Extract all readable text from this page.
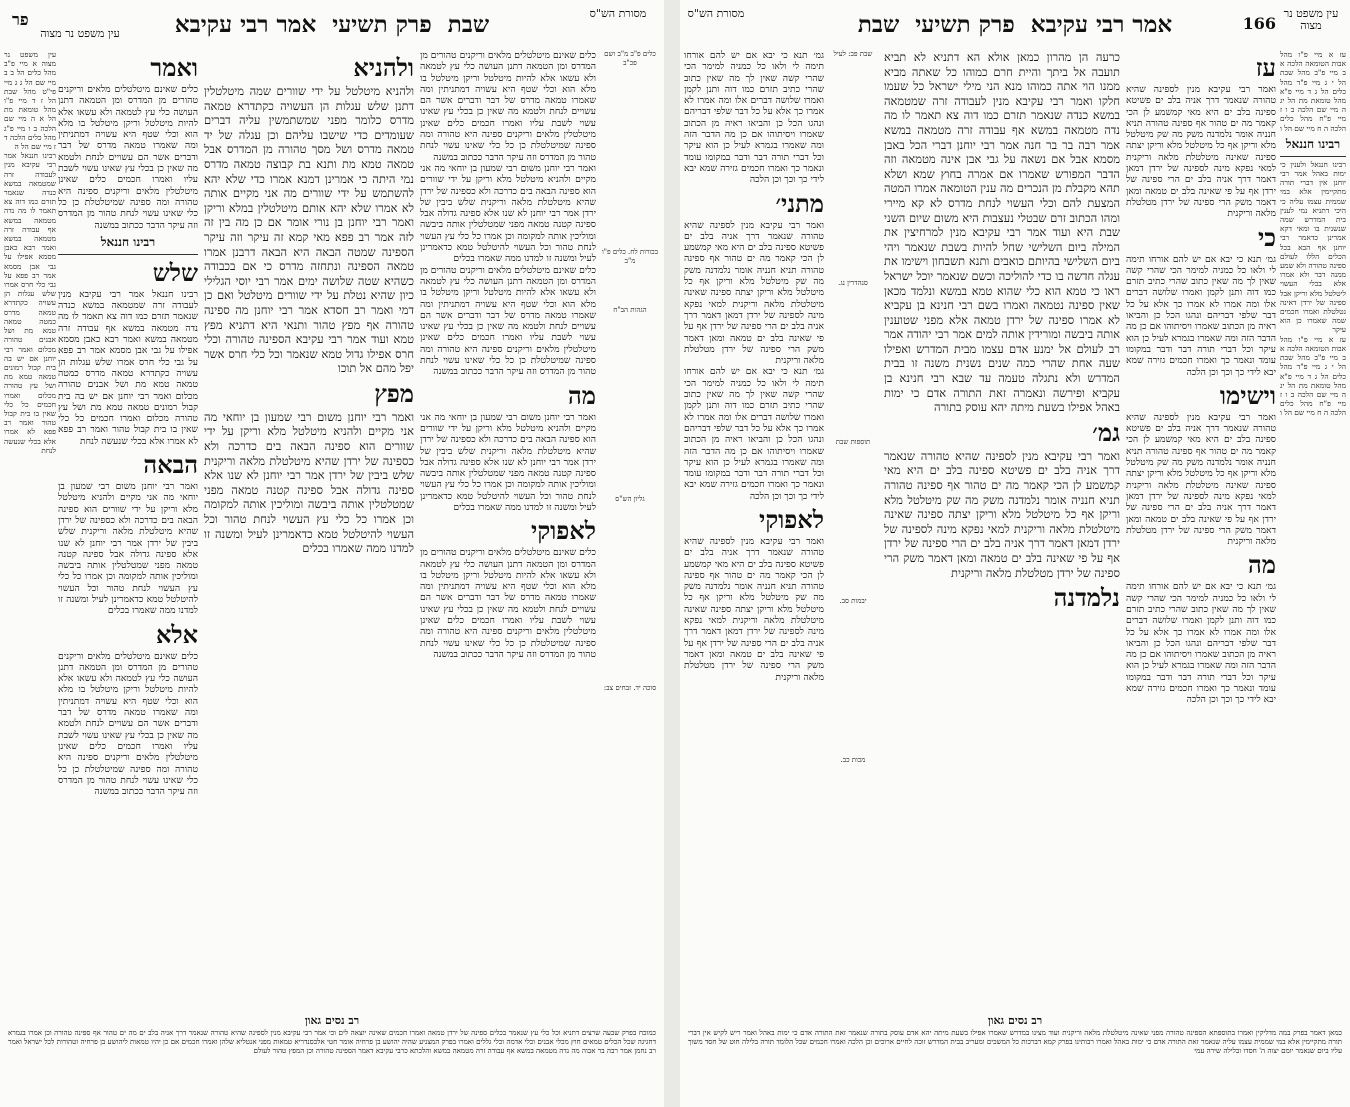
שבת
פרק תשיעי
אמר רבי עקיבא
פר	מסורת הש"ס
עין משפט נר מצוה
כלים פ"ב מ"ב ושם פכ"ב
בכורות לח. כלים פ"ו מ"ב
הגהות הב"ח
גליון הש"ס
סוכה יד. זבחים צב:

כלים שאינם מיטלטלים מלאים וריקנים טהורים מן המדרס ומן הטמאה דתנן העושה כלי עץ לטמאה ולא עשאו אלא להיות מיטלטל וריקן מיטלטל בו מלא הוא וכלי שטף היא עשויה דמתניתין ומה שאמרו טמאה מדרס של דבר ודברים אשר הם עשויים לנחת ולטמא מה שאין כן בכלי עץ שאינו עשוי לשבת עליו ואמרו חכמים כלים שאינן מיטלטלין מלאים וריקנים ספינה היא טהורה ומה ספינה שמיטלטלת כן כל כלי שאינו עשוי לנחת טהור מן המדרס וזה עיקר הדבר ככתוב במשנה

ואמר רבי יוחנן משום רבי שמעון בן יוחאי מה אני מקיים ולהניא מיטלטל מלא וריקן על ידי שוורים הוא ספינה הבאה בים כדרכה ולא כספינה של ירדן שהיא מיטלטלת מלאה וריקנית שלש ביבין של ירדן אמר רבי יוחנן לא שנו אלא ספינה גדולה אבל ספינה קטנה טמאה מפני שמטלטלין אותה ביבשה ומוליכין אותה למקומה וכן אמרו כל כלי עץ העשוי לנחת טהור וכל העשוי להיטלטל טמא כדאמרינן לעיל ומשנה זו למדנו ממה שאמרו בכלים

כלים שאינם מיטלטלים מלאים וריקנים טהורים מן המדרס ומן הטמאה דתנן העושה כלי עץ לטמאה ולא עשאו אלא להיות מיטלטל וריקן מיטלטל בו מלא הוא וכלי שטף היא עשויה דמתניתין ומה שאמרו טמאה מדרס של דבר ודברים אשר הם עשויים לנחת ולטמא מה שאין כן בכלי עץ שאינו עשוי לשבת עליו ואמרו חכמים כלים שאינן מיטלטלין מלאים וריקנים ספינה היא טהורה ומה ספינה שמיטלטלת כן כל כלי שאינו עשוי לנחת טהור מן המדרס וזה עיקר הדבר ככתוב במשנה

מה

ואמר רבי יוחנן משום רבי שמעון בן יוחאי מה אני מקיים ולהניא מיטלטל מלא וריקן על ידי שוורים הוא ספינה הבאה בים כדרכה ולא כספינה של ירדן שהיא מיטלטלת מלאה וריקנית שלש ביבין של ירדן אמר רבי יוחנן לא שנו אלא ספינה גדולה אבל ספינה קטנה טמאה מפני שמטלטלין אותה ביבשה ומוליכין אותה למקומה וכן אמרו כל כלי עץ העשוי לנחת טהור וכל העשוי להיטלטל טמא כדאמרינן לעיל ומשנה זו למדנו ממה שאמרו בכלים

לאפוקי

כלים שאינם מיטלטלים מלאים וריקנים טהורים מן המדרס ומן הטמאה דתנן העושה כלי עץ לטמאה ולא עשאו אלא להיות מיטלטל וריקן מיטלטל בו מלא הוא וכלי שטף היא עשויה דמתניתין ומה שאמרו טמאה מדרס של דבר ודברים אשר הם עשויים לנחת ולטמא מה שאין כן בכלי עץ שאינו עשוי לשבת עליו ואמרו חכמים כלים שאינן מיטלטלין מלאים וריקנים ספינה היא טהורה ומה ספינה שמיטלטלת כן כל כלי שאינו עשוי לנחת טהור מן המדרס וזה עיקר הדבר ככתוב במשנה

ולהניא

ולהניא מיטלטל על ידי שוורים שמה מיטלטלין דתנן שלש עגלות הן העשויה כקתדרא טמאה מדרס כלומר מפני שמשתמשין עליה דברים שעומדים כדי שישבו עליהם וכן עגלה של יד טמאה מדרס ושל מסך טהורה מן המדרס אבל טמאה טמא מת ותנא בת קבוצה טמאה מדרס נמי היתה כי אמרינן דמנא אמרו כדי שלא יהא להשתמש על ידי שוורים מה אני מקיים אותה לא אמרו שלא יהא אותם מיטלטלין במלא וריקן ואמר רבי יוחנן בן נורי אומר אם כן מה בין זה לזה אמר רב פפא מאי קמא זה עיקר וזה עיקר הספינה שמטה הבאה היא הבאה דרבנן אמרו טמאה הספינה ונתחזה מדרס כי אם בכבודה כשהיא שטה שלושה ימים אמר רבי יוסי הגלילי כיון שהיא נטלת על ידי שוורים מיטלטל ואם כן דמי ואמר רב חסדא אמר רבי יוחנן מה ספינה טהורה אף מפץ טהור ותנאי היא דתניא מפץ טמא ועוד אמר רבי עקיבא הספינה טהורה וכלי חרס אפילו גדול טמא שנאמר וכל כלי חרס אשר יפל מהם אל תוכו

מפץ

ואמר רבי יוחנן משום רבי שמעון בן יוחאי מה אני מקיים ולהניא מיטלטל מלא וריקן על ידי שוורים הוא ספינה הבאה בים כדרכה ולא כספינה של ירדן שהיא מיטלטלת מלאה וריקנית שלש ביבין של ירדן אמר רבי יוחנן לא שנו אלא ספינה גדולה אבל ספינה קטנה טמאה מפני שמטלטלין אותה ביבשה ומוליכין אותה למקומה וכן אמרו כל כלי עץ העשוי לנחת טהור וכל העשוי להיטלטל טמא כדאמרינן לעיל ומשנה זו למדנו ממה שאמרו בכלים

ואמר

כלים שאינם מיטלטלים מלאים וריקנים טהורים מן המדרס ומן הטמאה דתנן העושה כלי עץ לטמאה ולא עשאו אלא להיות מיטלטל וריקן מיטלטל בו מלא הוא וכלי שטף היא עשויה דמתניתין ומה שאמרו טמאה מדרס של דבר ודברים אשר הם עשויים לנחת ולטמא מה שאין כן בכלי עץ שאינו עשוי לשבת עליו ואמרו חכמים כלים שאינן מיטלטלין מלאים וריקנים ספינה היא טהורה ומה ספינה שמיטלטלת כן כל כלי שאינו עשוי לנחת טהור מן המדרס וזה עיקר הדבר ככתוב במשנה

רבינו חננאל
שלש

רבינו חננאל אמר רבי עקיבא מנין לעבודה זרה שמטמאה במשא כנדה שנאמר תזרם כמו דוה צא תאמר לו מה נדה מטמאה במשא אף עבודה זרה מטמאה במשא ואמר רבא כאבן מסמא אפילו על גבי אבן מסמא אמר רב פפא על גבי כלי חרס אמרו שלש עגלות הן עשויה כקתדרא טמאה מדרס כמטה טמאה טמא מת ושל אבנים טהורה מכלום ואמר רבי יוחנן אם יש בה בית קבול רמונים טמאה טמא מת ושל עץ טהורה מכלום ואמרו חכמים כל כלי שאין בו בית קבול טהור ואמר רב פפא לא אמרו אלא בכלי שנעשה לנחת

הבאה

ואמר רבי יוחנן משום רבי שמעון בן יוחאי מה אני מקיים ולהניא מיטלטל מלא וריקן על ידי שוורים הוא ספינה הבאה בים כדרכה ולא כספינה של ירדן שהיא מיטלטלת מלאה וריקנית שלש ביבין של ירדן אמר רבי יוחנן לא שנו אלא ספינה גדולה אבל ספינה קטנה טמאה מפני שמטלטלין אותה ביבשה ומוליכין אותה למקומה וכן אמרו כל כלי עץ העשוי לנחת טהור וכל העשוי להיטלטל טמא כדאמרינן לעיל ומשנה זו למדנו ממה שאמרו בכלים

אלא

כלים שאינם מיטלטלים מלאים וריקנים טהורים מן המדרס ומן הטמאה דתנן העושה כלי עץ לטמאה ולא עשאו אלא להיות מיטלטל וריקן מיטלטל בו מלא הוא וכלי שטף היא עשויה דמתניתין ומה שאמרו טמאה מדרס של דבר ודברים אשר הם עשויים לנחת ולטמא מה שאין כן בכלי עץ שאינו עשוי לשבת עליו ואמרו חכמים כלים שאינן מיטלטלין מלאים וריקנים ספינה היא טהורה ומה ספינה שמיטלטלת כן כל כלי שאינו עשוי לנחת טהור מן המדרס וזה עיקר הדבר ככתוב במשנה

עין משפט נר מצוה א מיי פ"ב מהל כלים הל ב ב מיי שם הל ג ג מיי פי"ט מהל שבת הל ז ד מיי פ"ו מהל טומאת מת הל א ה מיי שם הלכה ב ו מיי פ"ג מהל כלים הלכה ד ז מיי שם הל ה

רבינו חננאל אמר רבי עקיבא מנין לעבודה זרה שמטמאה במשא כנדה שנאמר תזרם כמו דוה צא תאמר לו מה נדה מטמאה במשא אף עבודה זרה מטמאה במשא ואמר רבא כאבן מסמא אפילו על גבי אבן מסמא אמר רב פפא על גבי כלי חרס אמרו שלש עגלות הן עשויה כקתדרא טמאה מדרס כמטה טמאה טמא מת ושל אבנים טהורה מכלום ואמר רבי יוחנן אם יש בה בית קבול רמונים טמאה טמא מת ושל עץ טהורה מכלום ואמרו חכמים כל כלי שאין בו בית קבול טהור ואמר רב פפא לא אמרו אלא בכלי שנעשה לנחת

רב נסים גאון

כמוכח בפרק שבעה שרצים דתניא וכל כלי עץ שנאמר בכלים ספינה של ירדן טמאה ואמרו חכמים שאינה יוצאה לים וכי אמר רבי עקיבא מנין לספינה שהיא טהורה שנאמר דרך אניה בלב ים מה ים טהור אף ספינה טהורה וכן אמרו בגמרא דחגיגה שכל הכלים טמאים חוץ מכלי אבנים וכלי אדמה וכלי גללים ואמרו בפרק המצניע שהיה יהושע בן פרחיה אומר חטי אלכסנדריא טמאות מפני אנטליא שלהן ואמרו חכמים אם כן יהיו טמאות ליהושע בן פרחיה וטהורות לכל ישראל ואמר רב נחמן אמר רבה בר אבוה מה נדה מטמאה במשא אף עבודה זרה מטמאה במשא והלכתא כרבי עקיבא דאמר הספינה טהורה וכן המפץ טהור לעולם

אמר רבי עקיבא
פרק תשיעי
שבת	166
עין משפט נר מצוה
מסורת הש"ס

עז א מיי פ"ו מהל אבות הטומאה הלכה א ב מיי פ"ב מהל שבת הל י ג מיי פ"ד מהל כלים הל ג ד מיי פ"א מהל טומאת מת הל יג ה מיי שם הלכה ב ו ז מיי פ"ח מהל כלים הלכה ה ח מיי שם הל ו

רבינו חננאל

רבינו חננאל ולענין כי ימות באהל אמר רבי יוחנן אין דברי תורה מתקיימין אלא במי שממית עצמו עליה כי היכי דתניא נמי לענין בית המדרש שמה שנשנית בו ומאי דקא אמרינן כדאמר רבי יוחנן אף הבא בכל הכלים הללו לעולם ספינה טהורה ולא שמע ממנה דבר ולא אמרו אלא בכלי העשוי ליטלטל מלא וריקן אבל ספינה של ירדן דאינה נטלטלת ואמרו חכמים שמה שאמרו כן הוא עיקר

עז א מיי פ"ו מהל אבות הטומאה הלכה א ב מיי פ"ב מהל שבת הל י ג מיי פ"ד מהל כלים הל ג ד מיי פ"א מהל טומאת מת הל יג ה מיי שם הלכה ב ו ז מיי פ"ח מהל כלים הלכה ה ח מיי שם הל ו

עז

ואמר רבי עקיבא מנין לספינה שהיא טהורה שנאמר דרך אניה בלב ים פשיטא ספינה בלב ים היא מאי קמשמע לן הכי קאמר מה ים טהור אף ספינה טהורה תניא חנניה אומר נלמדנה משק מה שק מיטלטל מלא וריקן אף כל מיטלטל מלא וריקן יצתה ספינה שאינה מיטלטלת מלאה וריקנית למאי נפקא מינה לספינה של ירדן דמאן דאמר דרך אניה בלב ים הרי ספינה של ירדן אף על פי שאינה בלב ים טמאה ומאן דאמר משק הרי ספינה של ירדן מטלטלת מלאה וריקנית

כי

גמ׳ תנא כי יבא אם יש להם אורחו תימה לי ולאו כל כמניה למימר הכי שהרי קשה שאין לך מה שאין כתוב שהרי כתיב תזרם כמו דוה ותנן לקמן ואמרו שלושה דברים אלו ומה אמרו לא אמרו כך אלא על כל דבר שלפי דבריהם ונהגו הכל כן והביאו ראיה מן הכתוב שאמרו ויסיתוהו אם כן מה הדבר הזה ומה שאמרו בגמרא לעיל כן הוא עיקר וכל דברי תורה דבר ודבר במקומו עומד ונאמר כך ואמרו חכמים גזירה שמא יבא לידי כך וכך וכן הלכה

וישימו

ואמר רבי עקיבא מנין לספינה שהיא טהורה שנאמר דרך אניה בלב ים פשיטא ספינה בלב ים היא מאי קמשמע לן הכי קאמר מה ים טהור אף ספינה טהורה תניא חנניה אומר נלמדנה משק מה שק מיטלטל מלא וריקן אף כל מיטלטל מלא וריקן יצתה ספינה שאינה מיטלטלת מלאה וריקנית למאי נפקא מינה לספינה של ירדן דמאן דאמר דרך אניה בלב ים הרי ספינה של ירדן אף על פי שאינה בלב ים טמאה ומאן דאמר משק הרי ספינה של ירדן מטלטלת מלאה וריקנית

מה

גמ׳ תנא כי יבא אם יש להם אורחו תימה לי ולאו כל כמניה למימר הכי שהרי קשה שאין לך מה שאין כתוב שהרי כתיב תזרם כמו דוה ותנן לקמן ואמרו שלושה דברים אלו ומה אמרו לא אמרו כך אלא על כל דבר שלפי דבריהם ונהגו הכל כן והביאו ראיה מן הכתוב שאמרו ויסיתוהו אם כן מה הדבר הזה ומה שאמרו בגמרא לעיל כן הוא עיקר וכל דברי תורה דבר ודבר במקומו עומד ונאמר כך ואמרו חכמים גזירה שמא יבא לידי כך וכך וכן הלכה

כרעה הן מהרון כמאן אולא הא דתניא לא תביא תועבה אל ביתך והיית חרם כמוהו כל שאתה מביא ממנו הוי אתה כמוהו מנא הני מילי ישראל כל שעמו חלקו ואמר רבי עקיבא מנין לעבודה זרה שמטמאה במשא כנדה שנאמר תזרם כמו דוה צא תאמר לו מה נדה מטמאה במשא אף עבודה זרה מטמאה במשא אמר רבה בר בר חנה אמר רבי יוחנן דברי הכל באבן מסמא אבל אם נשאה על גבי אבן אינה מטמאה וזה הדבר המפורש שאמרו אם אמרה בחוץ שמא ושלא תהא מקבלת מן הנכרים מה ענין הטומאה אמרו המטה המצעת להם וכלי העשוי לנחת מדרס לא קא מיירי ומהו הכתוב זרם שבטלי נעצבות היא משום שיום השני שבת היא ועוד אמר רבי עקיבא מנין למרחיצין את המילה ביום השלישי שחל להיות בשבת שנאמר ויהי ביום השלישי בהיותם כואבים ותנא תשבחון וישימו את עגלה חדשה בו כדי להוליכה וכשם שנאמר יוכל ישראל ראו כי טמא הוא כלי שהוא טמא במשא ונלמד מכאן שאין ספינה נטמאה ואמרו בשם רבי חנינא בן עקביא לא אמרו ספינה של ירדן טמאה אלא מפני שטוענין אותה ביבשה ומורידין אותה למים אמר רבי יהודה אמר רב לעולם אל ימנע אדם עצמו מבית המדרש ואפילו שעה אחת שהרי כמה שנים נשנית משנה זו בבית המדרש ולא נתגלה טעמה עד שבא רבי חנינא בן עקביא ופירשה ונאמרה זאת התורה אדם כי ימות באהל אפילו בשעת מיתה יהא עוסק בתורה

גמ׳

ואמר רבי עקיבא מנין לספינה שהיא טהורה שנאמר דרך אניה בלב ים פשיטא ספינה בלב ים היא מאי קמשמע לן הכי קאמר מה ים טהור אף ספינה טהורה תניא חנניה אומר נלמדנה משק מה שק מיטלטל מלא וריקן אף כל מיטלטל מלא וריקן יצתה ספינה שאינה מיטלטלת מלאה וריקנית למאי נפקא מינה לספינה של ירדן דמאן דאמר דרך אניה בלב ים הרי ספינה של ירדן אף על פי שאינה בלב ים טמאה ומאן דאמר משק הרי ספינה של ירדן מטלטלת מלאה וריקנית

נלמדנה
שבת פב: לעיל
סנהדרין נג.
תוספות שבת
יבמות סב.
מכות כב.

גמ׳ תנא כי יבא אם יש להם אורחו תימה לי ולאו כל כמניה למימר הכי שהרי קשה שאין לך מה שאין כתוב שהרי כתיב תזרם כמו דוה ותנן לקמן ואמרו שלושה דברים אלו ומה אמרו לא אמרו כך אלא על כל דבר שלפי דבריהם ונהגו הכל כן והביאו ראיה מן הכתוב שאמרו ויסיתוהו אם כן מה הדבר הזה ומה שאמרו בגמרא לעיל כן הוא עיקר וכל דברי תורה דבר ודבר במקומו עומד ונאמר כך ואמרו חכמים גזירה שמא יבא לידי כך וכך וכן הלכה

מתני׳

ואמר רבי עקיבא מנין לספינה שהיא טהורה שנאמר דרך אניה בלב ים פשיטא ספינה בלב ים היא מאי קמשמע לן הכי קאמר מה ים טהור אף ספינה טהורה תניא חנניה אומר נלמדנה משק מה שק מיטלטל מלא וריקן אף כל מיטלטל מלא וריקן יצתה ספינה שאינה מיטלטלת מלאה וריקנית למאי נפקא מינה לספינה של ירדן דמאן דאמר דרך אניה בלב ים הרי ספינה של ירדן אף על פי שאינה בלב ים טמאה ומאן דאמר משק הרי ספינה של ירדן מטלטלת מלאה וריקנית

גמ׳ תנא כי יבא אם יש להם אורחו תימה לי ולאו כל כמניה למימר הכי שהרי קשה שאין לך מה שאין כתוב שהרי כתיב תזרם כמו דוה ותנן לקמן ואמרו שלושה דברים אלו ומה אמרו לא אמרו כך אלא על כל דבר שלפי דבריהם ונהגו הכל כן והביאו ראיה מן הכתוב שאמרו ויסיתוהו אם כן מה הדבר הזה ומה שאמרו בגמרא לעיל כן הוא עיקר וכל דברי תורה דבר ודבר במקומו עומד ונאמר כך ואמרו חכמים גזירה שמא יבא לידי כך וכך וכן הלכה

לאפוקי

ואמר רבי עקיבא מנין לספינה שהיא טהורה שנאמר דרך אניה בלב ים פשיטא ספינה בלב ים היא מאי קמשמע לן הכי קאמר מה ים טהור אף ספינה טהורה תניא חנניה אומר נלמדנה משק מה שק מיטלטל מלא וריקן אף כל מיטלטל מלא וריקן יצתה ספינה שאינה מיטלטלת מלאה וריקנית למאי נפקא מינה לספינה של ירדן דמאן דאמר דרך אניה בלב ים הרי ספינה של ירדן אף על פי שאינה בלב ים טמאה ומאן דאמר משק הרי ספינה של ירדן מטלטלת מלאה וריקנית

רב נסים גאון

כמאן דאמר בפרק במה מדליקין ואמרו בתוספתא הספינה טהורה מפני שאינה מיטלטלת מלאה וריקנית ועוד מצינו במדרש שאמרו אפילו בשעת מיתה יהא אדם עוסק בתורה שנאמר זאת התורה אדם כי ימות באהל ואמר ריש לקיש אין דברי תורה מתקיימין אלא במי שממית עצמו עליה שנאמר זאת התורה אדם כי ימות באהל ואמרו רבותינו בפרק קמא דברכות כל המשכים ומעריב בבית המדרש זוכה לחיים ארוכים וכן הלכה ואמרו חכמים שכל הלומד תורה בלילה חוט של חסד משוך עליו ביום שנאמר יומם יצוה ה' חסדו ובלילה שירה עמי
